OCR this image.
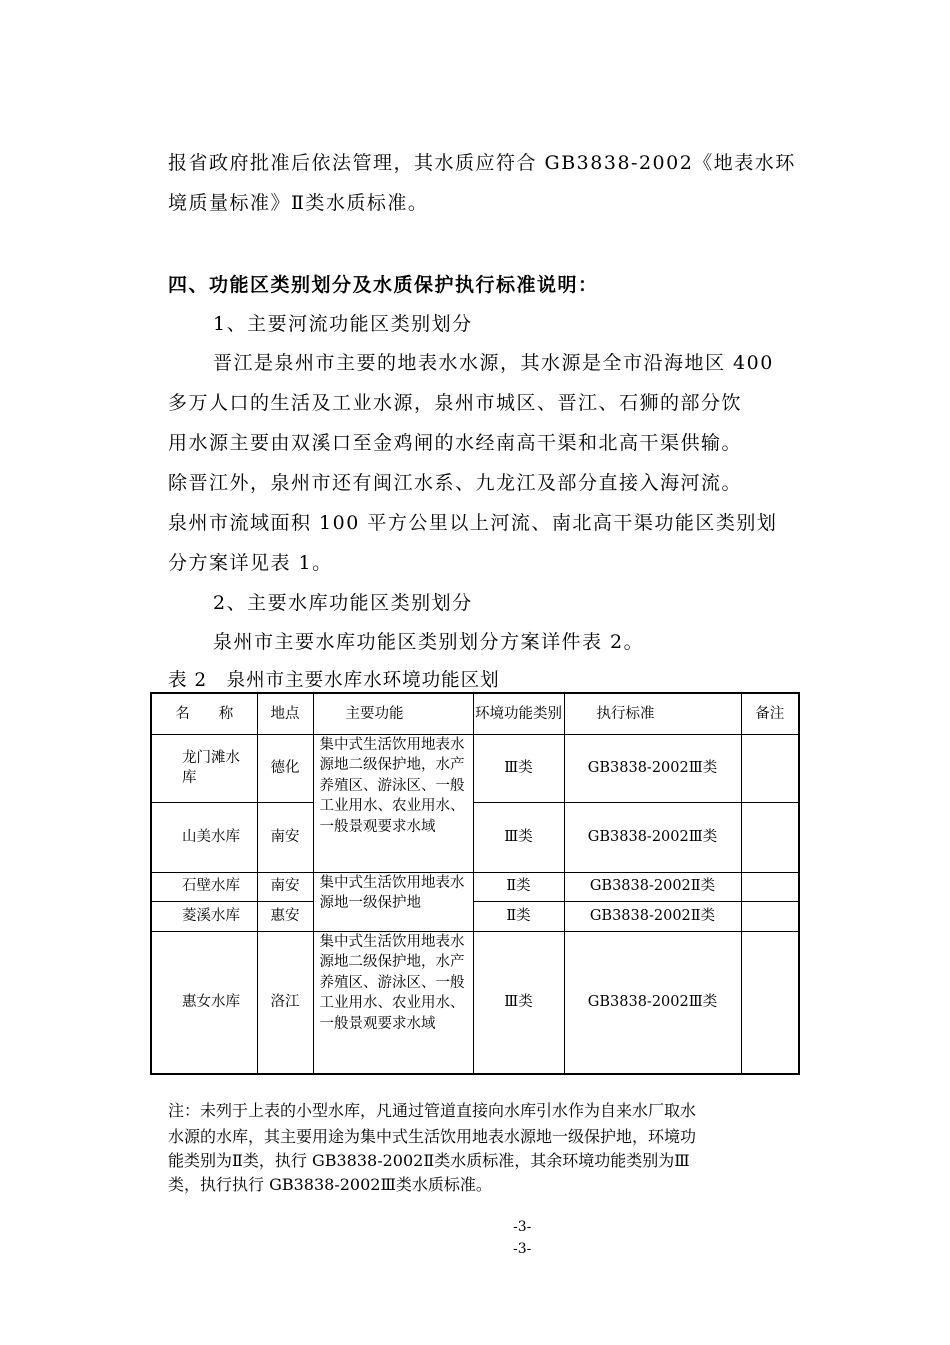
报省政府批准后依法管理，其水质应符合 GB3838-2002《地表水环
境质量标准》Ⅱ类水质标准。
四、功能区类别划分及水质保护执行标准说明：
1、主要河流功能区类别划分
晋江是泉州市主要的地表水水源，其水源是全市沿海地区 400
多万人口的生活及工业水源，泉州市城区、晋江、石狮的部分饮
用水源主要由双溪口至金鸡闸的水经南高干渠和北高干渠供输。
除晋江外，泉州市还有闽江水系、九龙江及部分直接入海河流。
泉州市流域面积 100 平方公里以上河流、南北高干渠功能区类别划
分方案详见表 1。
2、主要水库功能区类别划分
泉州市主要水库功能区类别划分方案详件表 2。
表 2　泉州市主要水库水环境功能区划
名　　称	地点	主要功能	环境功能类别	执行标准	备注
龙门滩水库	德化	集中式生活饮用地表水源地二级保护地，水产养殖区、游泳区、一般工业用水、农业用水、一般景观要求水域	Ⅲ类	GB3838-2002Ⅲ类	
山美水库	南安		Ⅲ类	GB3838-2002Ⅲ类	
石壁水库	南安	集中式生活饮用地表水源地一级保护地	Ⅱ类	GB3838-2002Ⅱ类	
菱溪水库	惠安		Ⅱ类	GB3838-2002Ⅱ类	
惠女水库	洛江	集中式生活饮用地表水源地二级保护地，水产养殖区、游泳区、一般工业用水、农业用水、一般景观要求水域	Ⅲ类	GB3838-2002Ⅲ类	
注：未列于上表的小型水库，凡通过管道直接向水库引水作为自来水厂取水
水源的水库，其主要用途为集中式生活饮用地表水源地一级保护地，环境功
能类别为Ⅱ类，执行 GB3838-2002Ⅱ类水质标准，其余环境功能类别为Ⅲ
类，执行执行 GB3838-2002Ⅲ类水质标准。
-3-
-3-
